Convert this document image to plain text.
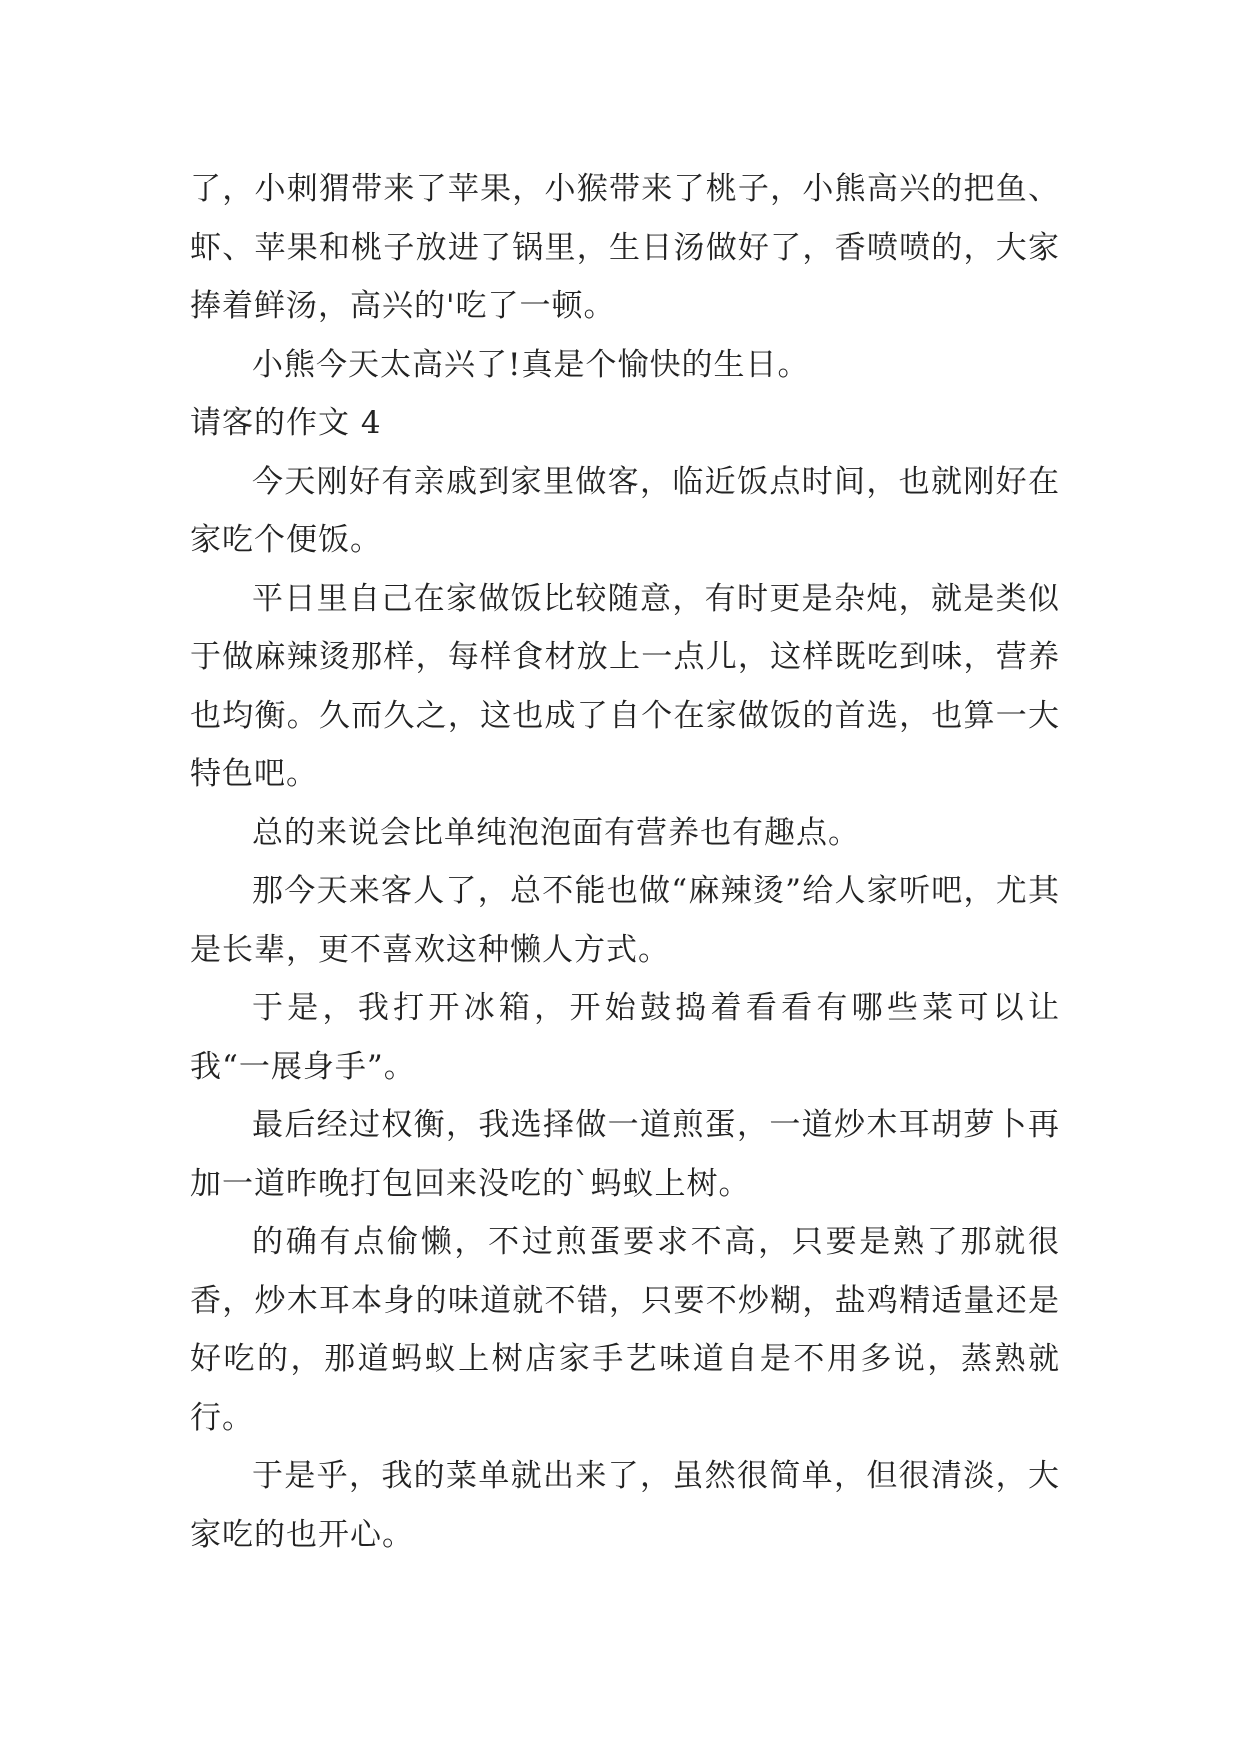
了，小刺猬带来了苹果，小猴带来了桃子，小熊高兴的把鱼、虾、苹果和桃子放进了锅里，生日汤做好了，香喷喷的，大家捧着鲜汤，高兴的'吃了一顿。

小熊今天太高兴了!真是个愉快的生日。

请客的作文 4

今天刚好有亲戚到家里做客，临近饭点时间，也就刚好在家吃个便饭。

平日里自己在家做饭比较随意，有时更是杂炖，就是类似于做麻辣烫那样，每样食材放上一点儿，这样既吃到味，营养也均衡。久而久之，这也成了自个在家做饭的首选，也算一大特色吧。

总的来说会比单纯泡泡面有营养也有趣点。

那今天来客人了，总不能也做“麻辣烫”给人家听吧，尤其是长辈，更不喜欢这种懒人方式。

于是，我打开冰箱，开始鼓捣着看看有哪些菜可以让我“一展身手”。

最后经过权衡，我选择做一道煎蛋，一道炒木耳胡萝卜再加一道昨晚打包回来没吃的`蚂蚁上树。

的确有点偷懒，不过煎蛋要求不高，只要是熟了那就很香，炒木耳本身的味道就不错，只要不炒糊，盐鸡精适量还是好吃的，那道蚂蚁上树店家手艺味道自是不用多说，蒸熟就行。

于是乎，我的菜单就出来了，虽然很简单，但很清淡，大家吃的也开心。
